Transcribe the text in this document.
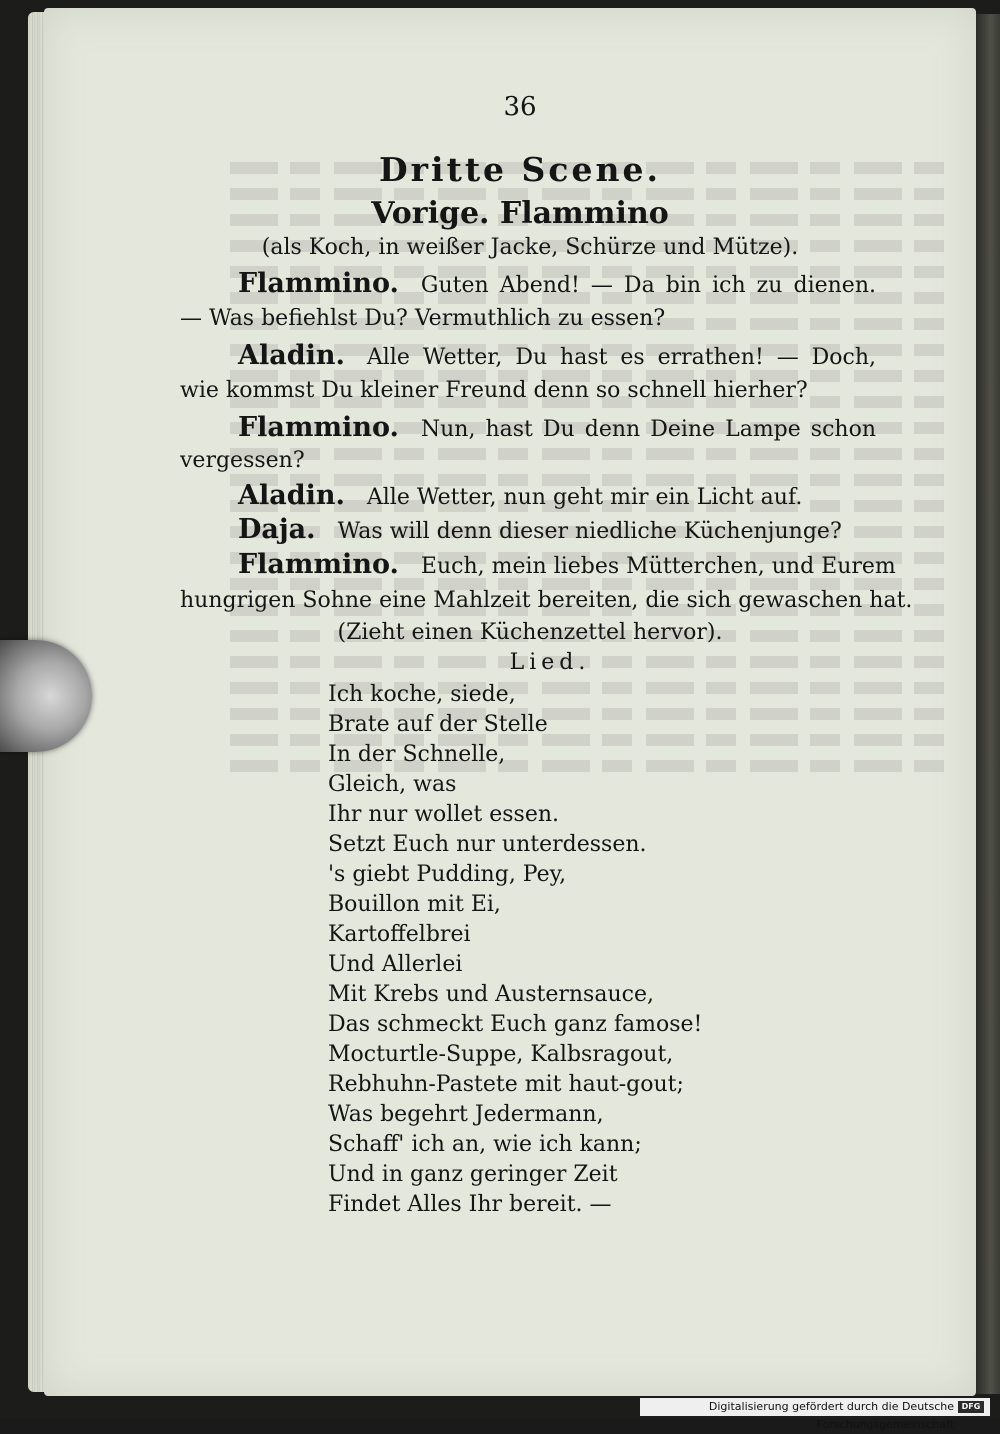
36
Dritte Scene.
Vorige. Flammino
(als Koch, in weißer Jacke, Schürze und Mütze).
Flammino. Guten Abend! — Da bin ich zu dienen.
— Was befiehlst Du? Vermuthlich zu essen?
Aladin. Alle Wetter, Du hast es errathen! — Doch,
wie kommst Du kleiner Freund denn so schnell hierher?
Flammino. Nun, hast Du denn Deine Lampe schon
vergessen?
Aladin. Alle Wetter, nun geht mir ein Licht auf.
Daja. Was will denn dieser niedliche Küchenjunge?
Flammino. Euch, mein liebes Mütterchen, und Eurem
hungrigen Sohne eine Mahlzeit bereiten, die sich gewaschen hat.
(Zieht einen Küchenzettel hervor).
Lied.
Ich koche, siede,
Brate auf der Stelle
In der Schnelle,
Gleich, was
Ihr nur wollet essen.
Setzt Euch nur unterdessen.
's giebt Pudding, Pey,
Bouillon mit Ei,
Kartoffelbrei
Und Allerlei
Mit Krebs und Austernsauce,
Das schmeckt Euch ganz famose!
Mocturtle-Suppe, Kalbsragout,
Rebhuhn-Pastete mit haut-gout;
Was begehrt Jedermann,
Schaff' ich an, wie ich kann;
Und in ganz geringer Zeit
Findet Alles Ihr bereit. —
Digitalisierung gefördert durch die Deutsche Forschungsgemeinschaft
DFG
